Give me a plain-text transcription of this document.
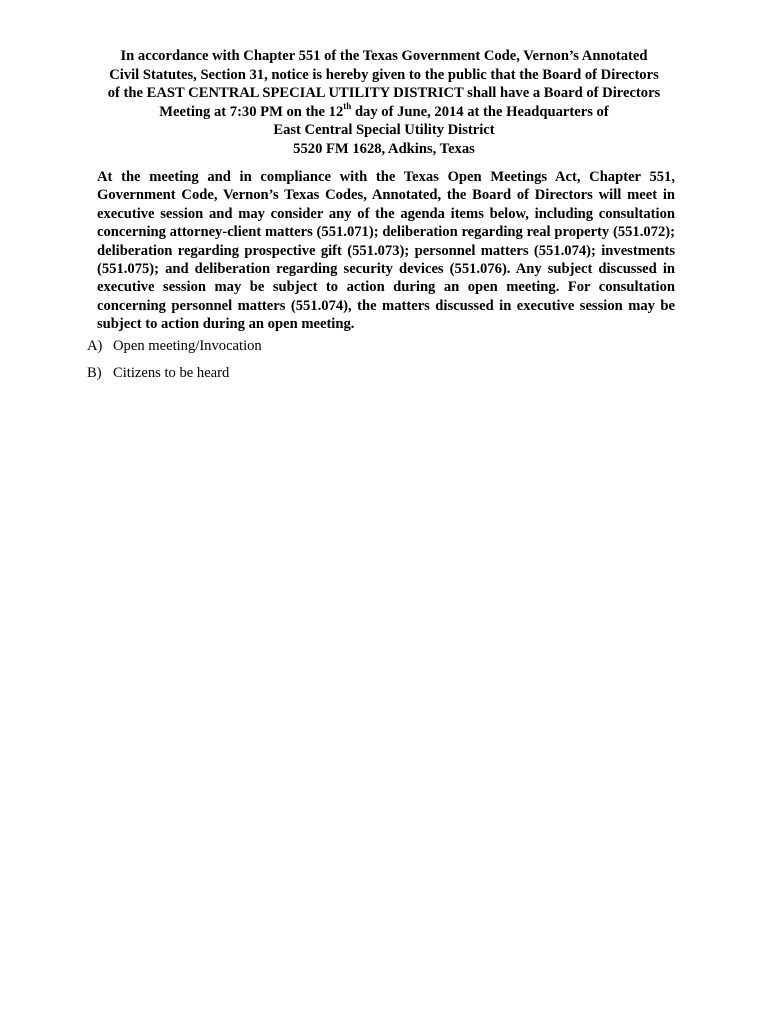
In accordance with Chapter 551 of the Texas Government Code, Vernon’s Annotated
Civil Statutes, Section 31, notice is hereby given to the public that the Board of Directors
of the EAST CENTRAL SPECIAL UTILITY DISTRICT shall have a Board of Directors
Meeting at 7:30 PM on the 12th day of June, 2014 at the Headquarters of
East Central Special Utility District
5520 FM 1628, Adkins, Texas
At the meeting and in compliance with the Texas Open Meetings Act, Chapter 551, Government Code, Vernon’s Texas Codes, Annotated, the Board of Directors will meet in executive session and may consider any of the agenda items below, including consultation concerning attorney-client matters (551.071); deliberation regarding real property (551.072); deliberation regarding prospective gift (551.073); personnel matters (551.074); investments (551.075); and deliberation regarding security devices (551.076). Any subject discussed in executive session may be subject to action during an open meeting. For consultation concerning personnel matters (551.074), the matters discussed in executive session may be subject to action during an open meeting.
A) Open meeting/Invocation
B) Citizens to be heard
